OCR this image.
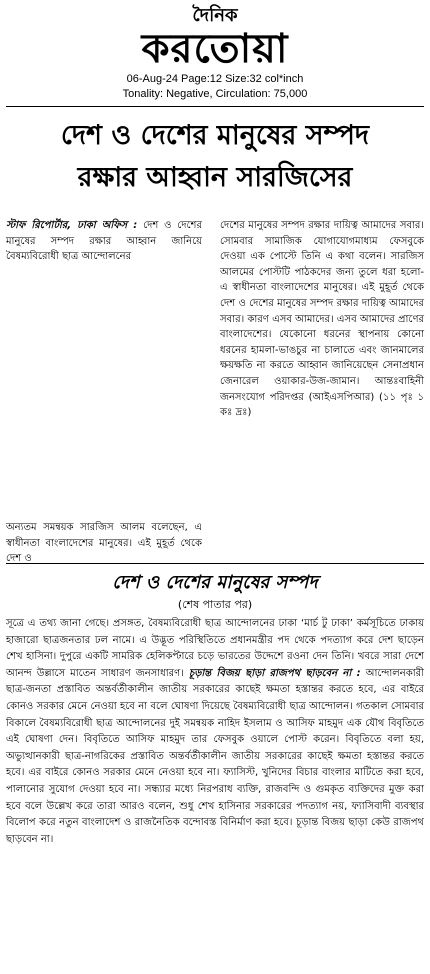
দৈনিক
করতোয়া
06-Aug-24 Page:12 Size:32 col*inch
Tonality: Negative, Circulation: 75,000
দেশ ও দেশের মানুষের সম্পদ
রক্ষার আহ্বান সারজিসের
স্টাফ রিপোর্টার, ঢাকা অফিস : দেশ ও দেশের মানুষের সম্পদ রক্ষার আহ্বান জানিয়ে বৈষম্যবিরোধী ছাত্র আন্দোলনের
অন্যতম সমন্বয়ক সারজিস আলম বলেছেন, এ স্বাধীনতা বাংলাদেশের মানুষের। এই মুহূর্ত থেকে দেশ ও
দেশের মানুষের সম্পদ রক্ষার দায়িত্ব আমাদের সবার। সোমবার সামাজিক যোগাযোগমাধ্যম ফেসবুকে দেওয়া এক পোস্টে তিনি এ কথা বলেন। সারজিস আলমের পোস্টটি পাঠকদের জন্য তুলে ধরা হলো- এ স্বাধীনতা বাংলাদেশের মানুষের। এই মুহূর্ত থেকে দেশ ও দেশের মানুষের সম্পদ রক্ষার দায়িত্ব আমাদের সবার। কারণ এসব আমাদের। এসব আমাদের প্রাণের বাংলাদেশের। যেকোনো ধরনের স্থাপনায় কোনো ধরনের হামলা-ভাঙচুর না চালাতে এবং জানমালের ক্ষয়ক্ষতি না করতে আহ্বান জানিয়েছেন সেনাপ্রধান জেনারেল ওয়াকার-উজ-জামান। আন্তঃবাহিনী জনসংযোগ পরিদপ্তর (আইএসপিআর) (১১ পৃঃ ১ কঃ দ্রঃ)
দেশ ও দেশের মানুষের সম্পদ
(শেষ পাতার পর)
সূত্রে এ তথ্য জানা গেছে। প্রসঙ্গত, বৈষম্যবিরোধী ছাত্র আন্দোলনের ঢাকা ‘মার্চ টু ঢাকা’ কর্মসূচিতে ঢাকায় হাজারো ছাত্রজনতার ঢল নামে। এ উদ্ভূত পরিস্থিতিতে প্রধানমন্ত্রীর পদ থেকে পদত্যাগ করে দেশ ছাড়েন শেখ হাসিনা। দুপুরে একটি সামরিক হেলিকপ্টারে চড়ে ভারতের উদ্দেশে রওনা দেন তিনি। খবরে সারা দেশে আনন্দ উল্লাসে মাতেন সাধারণ জনসাধারণ। চূড়ান্ত বিজয় ছাড়া রাজপথ ছাড়বেন না : আন্দোলনকারী ছাত্র-জনতা প্রস্তাবিত অন্তর্বর্তীকালীন জাতীয় সরকারের কাছেই ক্ষমতা হস্তান্তর করতে হবে, এর বাইরে কোনও সরকার মেনে নেওয়া হবে না বলে ঘোষণা দিয়েছে বৈষম্যবিরোধী ছাত্র আন্দোলন। গতকাল সোমবার বিকালে বৈষম্যবিরোধী ছাত্র আন্দোলনের দুই সমন্বয়ক নাহিদ ইসলাম ও আসিফ মাহমুদ এক যৌথ বিবৃতিতে এই ঘোষণা দেন। বিবৃতিতে আসিফ মাহমুদ তার ফেসবুক ওয়ালে পোস্ট করেন। বিবৃতিতে বলা হয়, অভ্যুত্থানকারী ছাত্র-নাগরিকের প্রস্তাবিত অন্তর্বর্তীকালীন জাতীয় সরকারের কাছেই ক্ষমতা হস্তান্তর করতে হবে। এর বাইরে কোনও সরকার মেনে নেওয়া হবে না। ফ্যাসিস্ট, খুনিদের বিচার বাংলার মাটিতে করা হবে, পালানোর সুযোগ দেওয়া হবে না। সন্ধ্যার মধ্যে নিরপরাধ ব্যক্তি, রাজবন্দি ও গুমকৃত ব্যক্তিদের মুক্ত করা হবে বলে উল্লেখ করে তারা আরও বলেন, শুধু শেখ হাসিনার সরকারের পদত্যাগ নয়, ফ্যাসিবাদী ব্যবস্থার বিলোপ করে নতুন বাংলাদেশ ও রাজনৈতিক বন্দোবস্ত বিনির্মাণ করা হবে। চূড়ান্ত বিজয় ছাড়া কেউ রাজপথ ছাড়বেন না।
